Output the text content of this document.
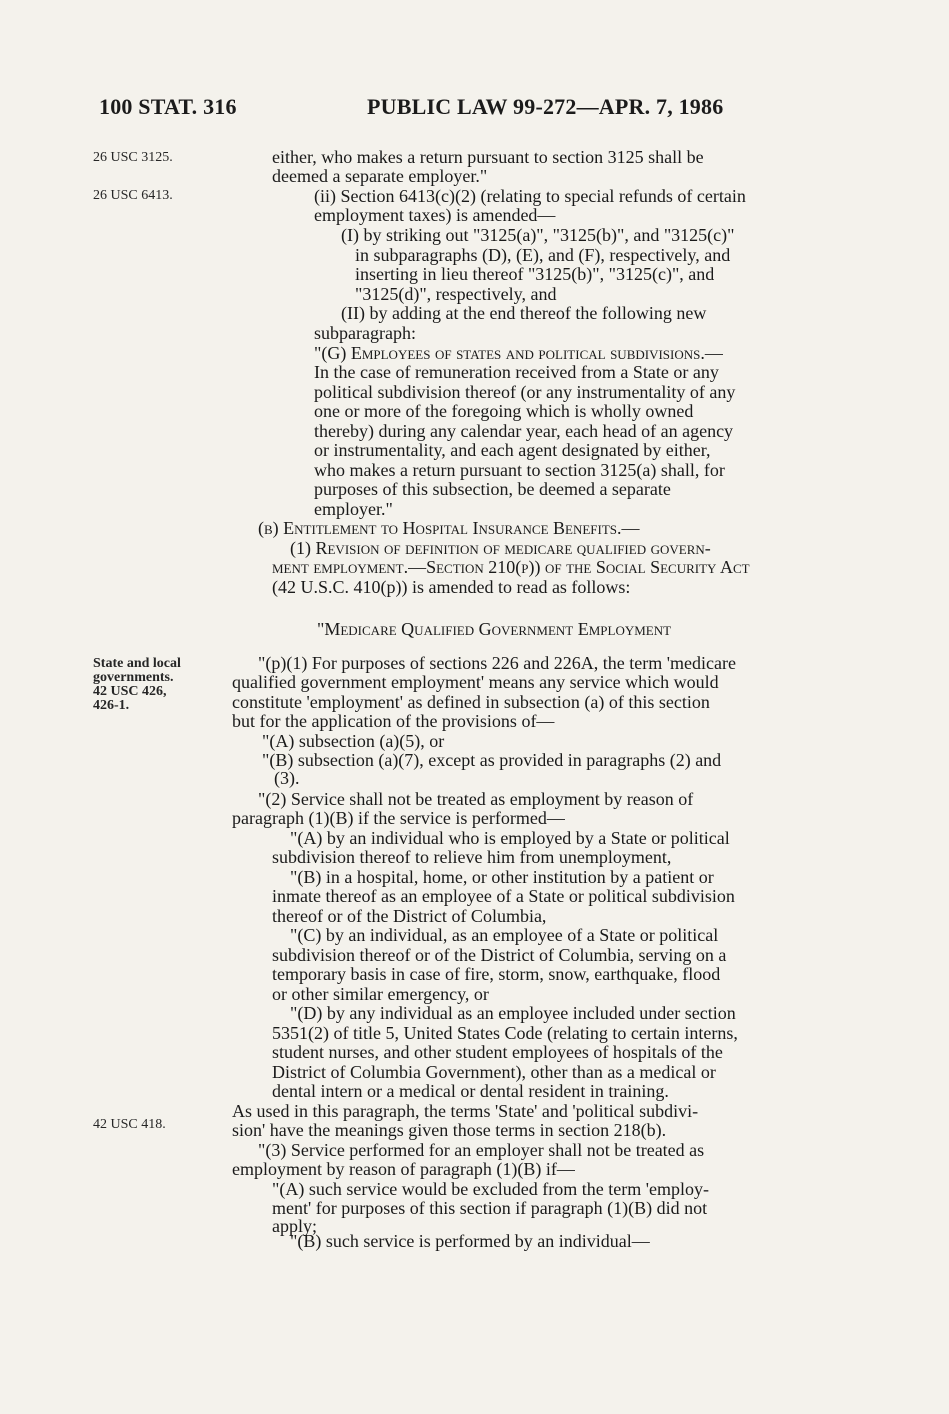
100 STAT. 316	PUBLIC LAW 99-272—APR. 7, 1986
26 USC 3125.
26 USC 6413.
State and local
governments.
42 USC 426,
426-1.
42 USC 418.
either, who makes a return pursuant to section 3125 shall be
deemed a separate employer."
(ii) Section 6413(c)(2) (relating to special refunds of certain
employment taxes) is amended—
(I) by striking out "3125(a)", "3125(b)", and "3125(c)"
in subparagraphs (D), (E), and (F), respectively, and
inserting in lieu thereof "3125(b)", "3125(c)", and
"3125(d)", respectively, and
(II) by adding at the end thereof the following new
subparagraph:
"(G) Employees of states and political subdivisions.—
In the case of remuneration received from a State or any
political subdivision thereof (or any instrumentality of any
one or more of the foregoing which is wholly owned
thereby) during any calendar year, each head of an agency
or instrumentality, and each agent designated by either,
who makes a return pursuant to section 3125(a) shall, for
purposes of this subsection, be deemed a separate
employer."
(b) Entitlement to Hospital Insurance Benefits.—
(1) Revision of definition of medicare qualified govern-
ment employment.—Section 210(p)) of the Social Security Act
(42 U.S.C. 410(p)) is amended to read as follows:
"Medicare Qualified Government Employment
"(p)(1) For purposes of sections 226 and 226A, the term 'medicare
qualified government employment' means any service which would
constitute 'employment' as defined in subsection (a) of this section
but for the application of the provisions of—
"(A) subsection (a)(5), or
"(B) subsection (a)(7), except as provided in paragraphs (2) and
(3).
"(2) Service shall not be treated as employment by reason of
paragraph (1)(B) if the service is performed—
"(A) by an individual who is employed by a State or political
subdivision thereof to relieve him from unemployment,
"(B) in a hospital, home, or other institution by a patient or
inmate thereof as an employee of a State or political subdivision
thereof or of the District of Columbia,
"(C) by an individual, as an employee of a State or political
subdivision thereof or of the District of Columbia, serving on a
temporary basis in case of fire, storm, snow, earthquake, flood
or other similar emergency, or
"(D) by any individual as an employee included under section
5351(2) of title 5, United States Code (relating to certain interns,
student nurses, and other student employees of hospitals of the
District of Columbia Government), other than as a medical or
dental intern or a medical or dental resident in training.
As used in this paragraph, the terms 'State' and 'political subdivi-
sion' have the meanings given those terms in section 218(b).
"(3) Service performed for an employer shall not be treated as
employment by reason of paragraph (1)(B) if—
"(A) such service would be excluded from the term 'employ-
ment' for purposes of this section if paragraph (1)(B) did not
apply;
"(B) such service is performed by an individual—
